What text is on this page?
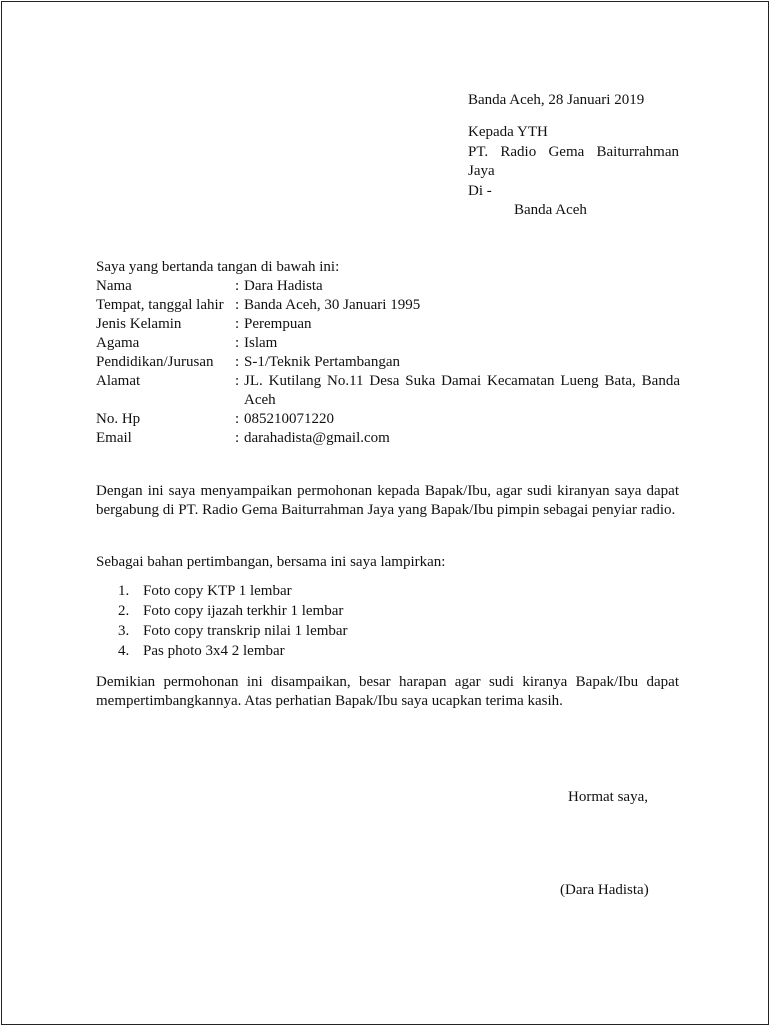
Banda Aceh, 28 Januari 2019
Kepada YTH
PT. Radio Gema Baiturrahman
Jaya
Di -
Banda Aceh
Saya yang bertanda tangan di bawah ini:
Nama	: Dara Hadista
Tempat, tanggal lahir : Banda Aceh, 30 Januari 1995
Jenis Kelamin	: Perempuan
Agama	: Islam
Pendidikan/Jurusan	: S-1/Teknik Pertambangan
Alamat	: JL. Kutilang No.11 Desa Suka Damai Kecamatan Lueng Bata, Banda Aceh
No. Hp	: 085210071220
Email	: darahadista@gmail.com
Dengan ini saya menyampaikan permohonan kepada Bapak/Ibu, agar sudi kiranyan saya dapat bergabung di PT. Radio Gema Baiturrahman Jaya yang Bapak/Ibu pimpin sebagai penyiar radio.
Sebagai bahan pertimbangan, bersama ini saya lampirkan:
1. Foto copy KTP 1 lembar
2. Foto copy ijazah terkhir 1 lembar
3. Foto copy transkrip nilai 1 lembar
4. Pas photo 3x4 2 lembar
Demikian permohonan ini disampaikan, besar harapan agar sudi kiranya Bapak/Ibu dapat mempertimbangkannya. Atas perhatian Bapak/Ibu saya ucapkan terima kasih.
Hormat saya,
(Dara Hadista)
